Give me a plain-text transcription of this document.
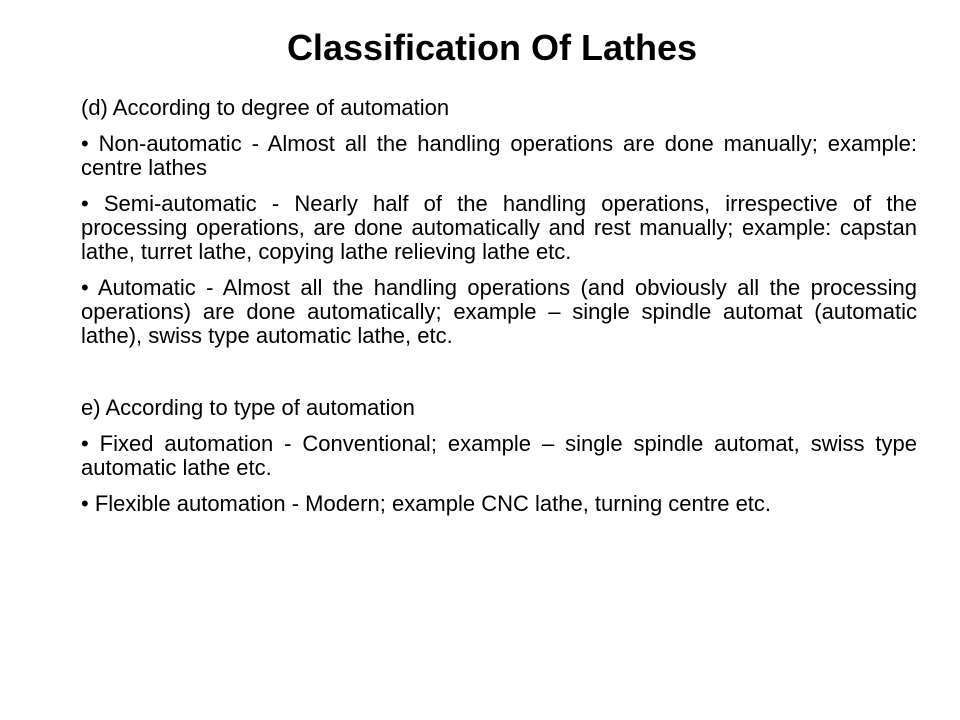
Classification Of Lathes

(d) According to degree of automation

• Non-automatic - Almost all the handling operations are done manually; example: centre lathes

• Semi-automatic - Nearly half of the handling operations, irrespective of the processing operations, are done automatically and rest manually; example: capstan lathe, turret lathe, copying lathe relieving lathe etc.

• Automatic - Almost all the handling operations (and obviously all the processing operations) are done automatically; example – single spindle automat (automatic lathe), swiss type automatic lathe, etc.

e) According to type of automation

• Fixed automation - Conventional; example – single spindle automat, swiss type automatic lathe etc.

• Flexible automation - Modern; example CNC lathe, turning centre etc.
